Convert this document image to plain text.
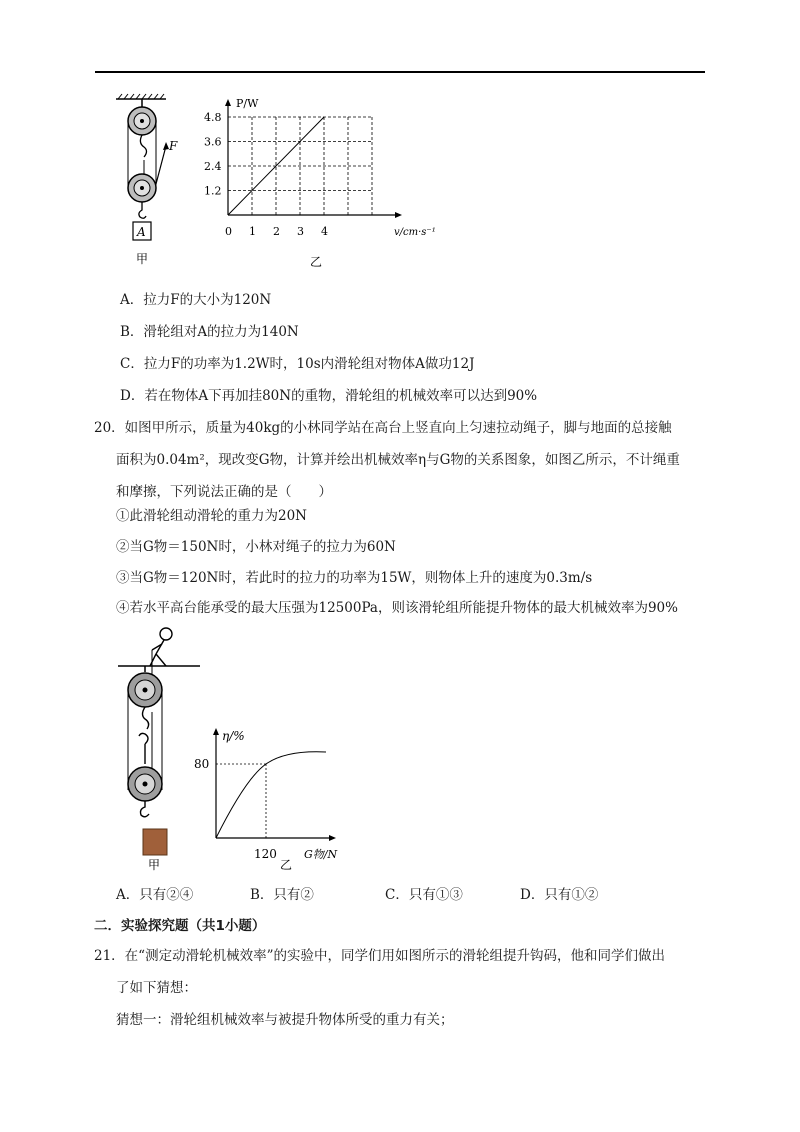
F
A
甲
1.2
2.4
3.6
4.8
0 1 2 3 4
P/W
v/cm·s⁻¹
乙
A．拉力F的大小为120N
B．滑轮组对A的拉力为140N
C．拉力F的功率为1.2W时，10s内滑轮组对物体A做功12J
D．若在物体A下再加挂80N的重物，滑轮组的机械效率可以达到90%
20．如图甲所示，质量为40kg的小林同学站在高台上竖直向上匀速拉动绳子，脚与地面的总接触
面积为0.04m²，现改变G物，计算并绘出机械效率η与G物的关系图象，如图乙所示，不计绳重
和摩擦，下列说法正确的是（　　）
①此滑轮组动滑轮的重力为20N
②当G物＝150N时，小林对绳子的拉力为60N
③当G物＝120N时，若此时的拉力的功率为15W，则物体上升的速度为0.3m/s
④若水平高台能承受的最大压强为12500Pa，则该滑轮组所能提升物体的最大机械效率为90%
甲
η/%
G物/N
80
120
乙
A．只有②④	B．只有②	C．只有①③	D．只有①②
二．实验探究题（共1小题）
21．在“测定动滑轮机械效率”的实验中，同学们用如图所示的滑轮组提升钩码，他和同学们做出
了如下猜想：
猜想一：滑轮组机械效率与被提升物体所受的重力有关；
